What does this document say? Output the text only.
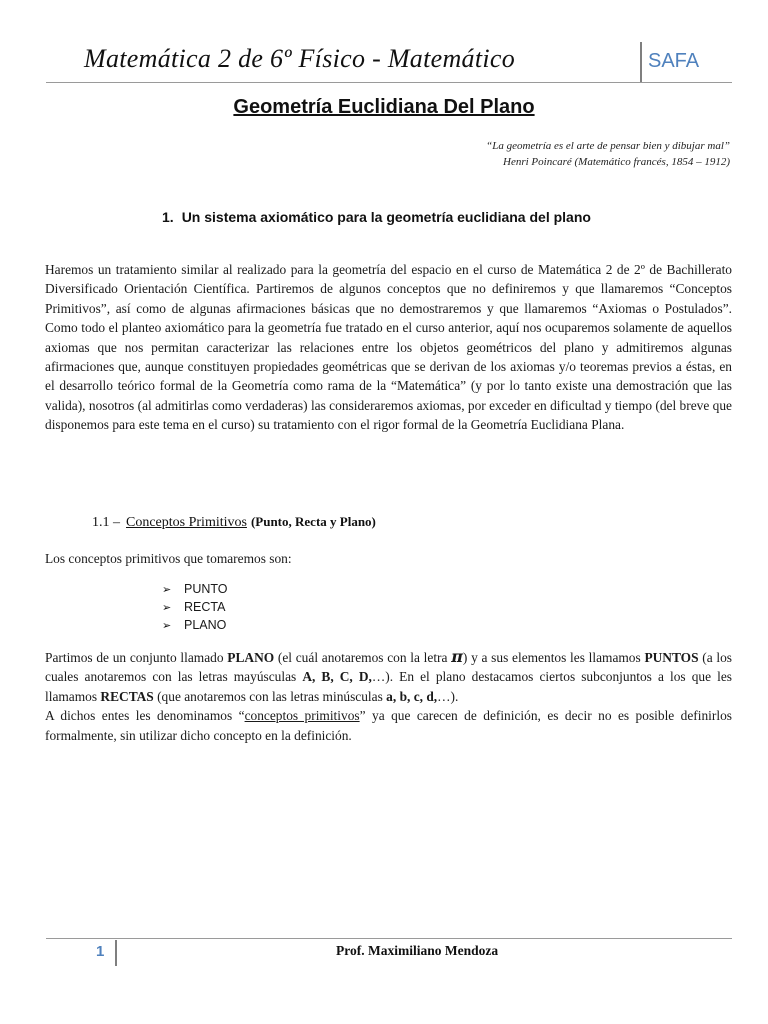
Matemática 2 de 6º Físico - Matemático	SAFA
Geometría Euclidiana Del Plano
“La geometría es el arte de pensar bien y dibujar mal”
Henri Poincaré (Matemático francés, 1854 – 1912)
1. Un sistema axiomático para la geometría euclidiana del plano
Haremos un tratamiento similar al realizado para la geometría del espacio en el curso de Matemática 2 de 2º de Bachillerato Diversificado Orientación Científica. Partiremos de algunos conceptos que no definiremos y que llamaremos “Conceptos Primitivos”, así como de algunas afirmaciones básicas que no demostraremos y que llamaremos “Axiomas o Postulados”. Como todo el planteo axiomático para la geometría fue tratado en el curso anterior, aquí nos ocuparemos solamente de aquellos axiomas que nos permitan caracterizar las relaciones entre los objetos geométricos del plano y admitiremos algunas afirmaciones que, aunque constituyen propiedades geométricas que se derivan de los axiomas y/o teoremas previos a éstas, en el desarrollo teórico formal de la Geometría como rama de la “Matemática” (y por lo tanto existe una demostración que las valida), nosotros (al admitirlas como verdaderas) las consideraremos axiomas, por exceder en dificultad y tiempo (del breve que disponemos para este tema en el curso) su tratamiento con el rigor formal de la Geometría Euclidiana Plana.
1.1 – Conceptos Primitivos (Punto, Recta y Plano)
Los conceptos primitivos que tomaremos son:
➢ PUNTO
➢ RECTA
➢ PLANO
Partimos de un conjunto llamado PLANO (el cuál anotaremos con la letra π) y a sus elementos les llamamos PUNTOS (a los cuales anotaremos con las letras mayúsculas A, B, C, D,…). En el plano destacamos ciertos subconjuntos a los que les llamamos RECTAS (que anotaremos con las letras minúsculas a, b, c, d,…).
A dichos entes les denominamos “conceptos primitivos” ya que carecen de definición, es decir no es posible definirlos formalmente, sin utilizar dicho concepto en la definición.
1	Prof. Maximiliano Mendoza
